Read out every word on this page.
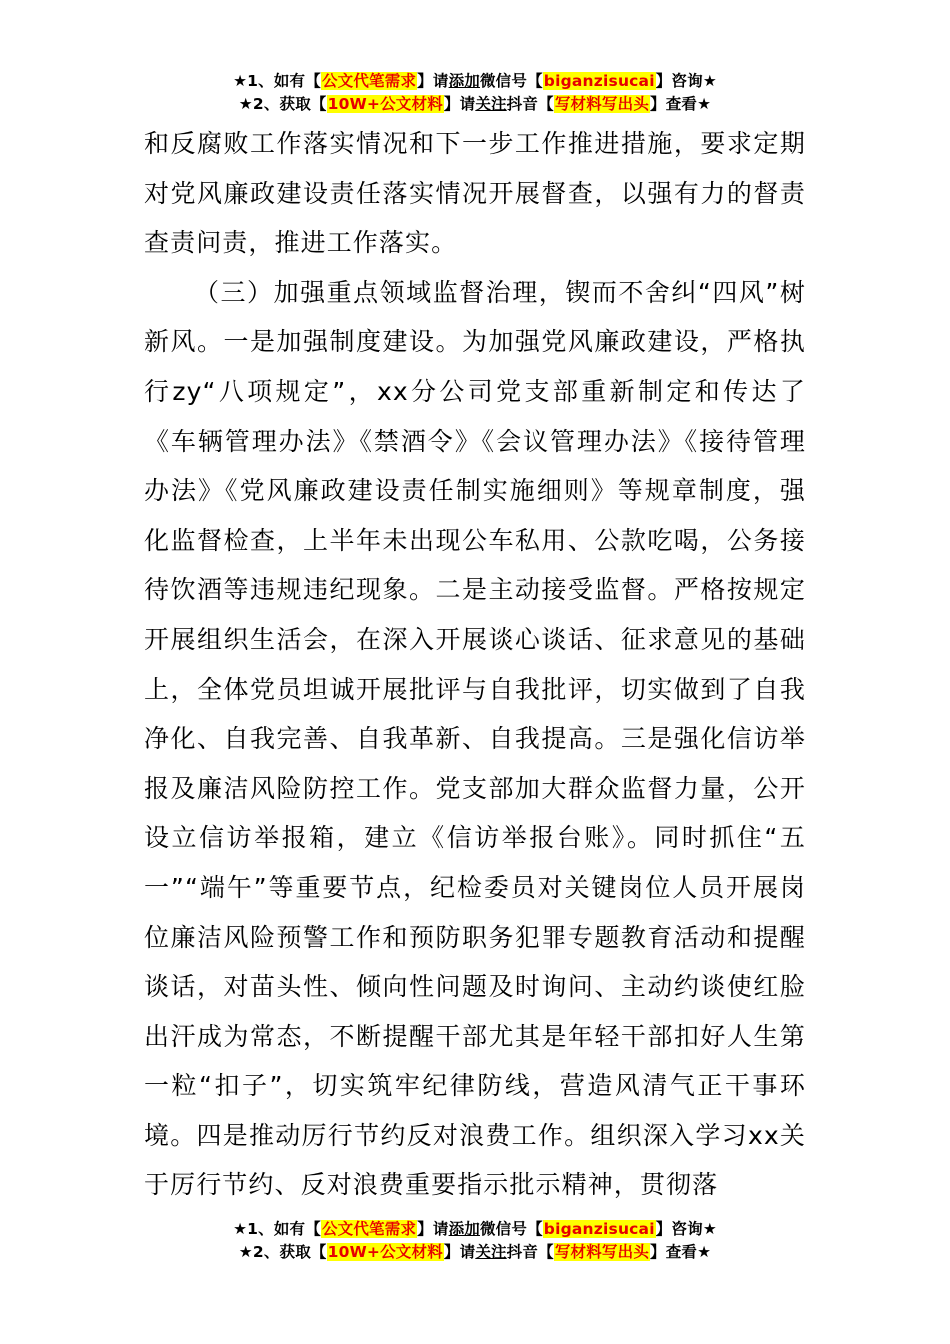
★1、如有【公文代笔需求】请添加微信号【biganzisucai】咨询★
★2、获取【10W+公文材料】请关注抖音【写材料写出头】查看★

和反腐败工作落实情况和下一步工作推进措施，要求定期对党风廉政建设责任落实情况开展督查，以强有力的督责查责问责，推进工作落实。

（三）加强重点领域监督治理，锲而不舍纠“四风”树新风。一是加强制度建设。为加强党风廉政建设，严格执行zy“八项规定”，xx分公司党支部重新制定和传达了《车辆管理办法》《禁酒令》《会议管理办法》《接待管理办法》《党风廉政建设责任制实施细则》等规章制度，强化监督检查，上半年未出现公车私用、公款吃喝，公务接待饮酒等违规违纪现象。二是主动接受监督。严格按规定开展组织生活会，在深入开展谈心谈话、征求意见的基础上，全体党员坦诚开展批评与自我批评，切实做到了自我净化、自我完善、自我革新、自我提高。三是强化信访举报及廉洁风险防控工作。党支部加大群众监督力量，公开设立信访举报箱，建立《信访举报台账》。同时抓住“五一”“端午”等重要节点，纪检委员对关键岗位人员开展岗位廉洁风险预警工作和预防职务犯罪专题教育活动和提醒谈话，对苗头性、倾向性问题及时询问、主动约谈使红脸出汗成为常态，不断提醒干部尤其是年轻干部扣好人生第一粒“扣子”，切实筑牢纪律防线，营造风清气正干事环境。四是推动厉行节约反对浪费工作。组织深入学习xx关于厉行节约、反对浪费重要指示批示精神，贯彻落

★1、如有【公文代笔需求】请添加微信号【biganzisucai】咨询★
★2、获取【10W+公文材料】请关注抖音【写材料写出头】查看★
